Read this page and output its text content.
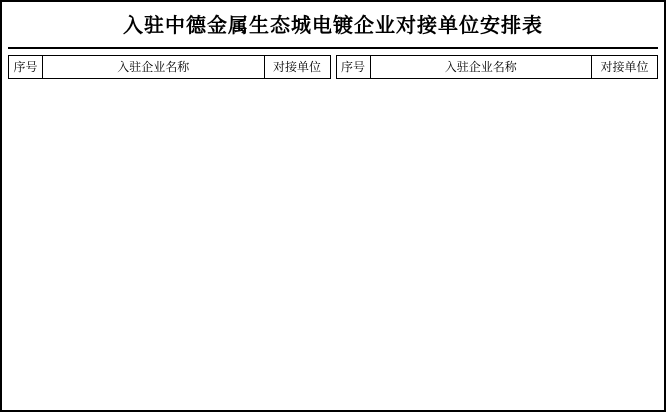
入驻中德金属生态城电镀企业对接单位安排表
序号	入驻企业名称	对接单位 序号	入驻企业名称	对接单位
